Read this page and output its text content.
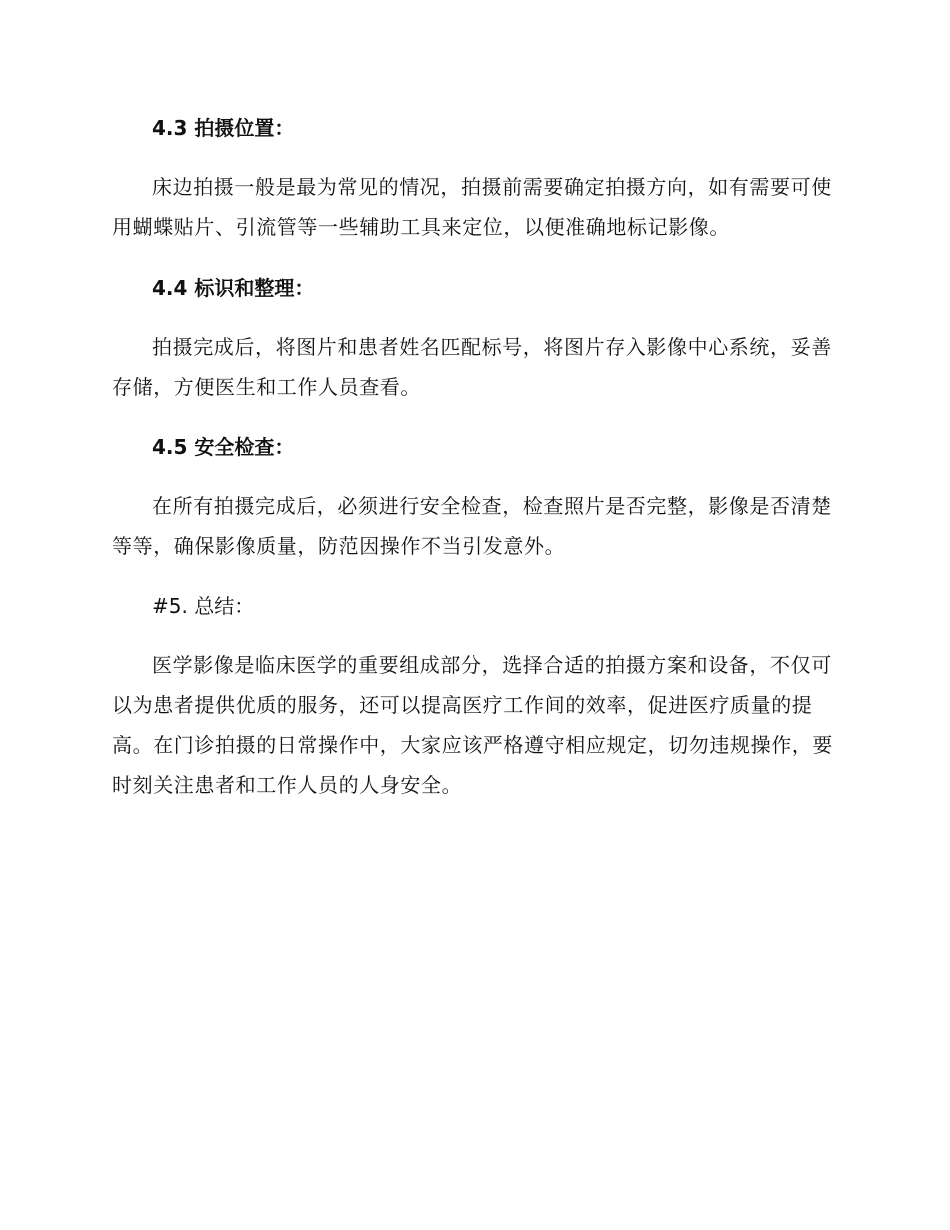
4.3 拍摄位置：

床边拍摄一般是最为常见的情况，拍摄前需要确定拍摄方向，如有需要可使用蝴蝶贴片、引流管等一些辅助工具来定位，以便准确地标记影像。

4.4 标识和整理：

拍摄完成后，将图片和患者姓名匹配标号，将图片存入影像中心系统，妥善存储，方便医生和工作人员查看。

4.5 安全检查：

在所有拍摄完成后，必须进行安全检查，检查照片是否完整，影像是否清楚等等，确保影像质量，防范因操作不当引发意外。

#5. 总结：

医学影像是临床医学的重要组成部分，选择合适的拍摄方案和设备，不仅可以为患者提供优质的服务，还可以提高医疗工作间的效率，促进医疗质量的提高。在门诊拍摄的日常操作中，大家应该严格遵守相应规定，切勿违规操作，要时刻关注患者和工作人员的人身安全。
